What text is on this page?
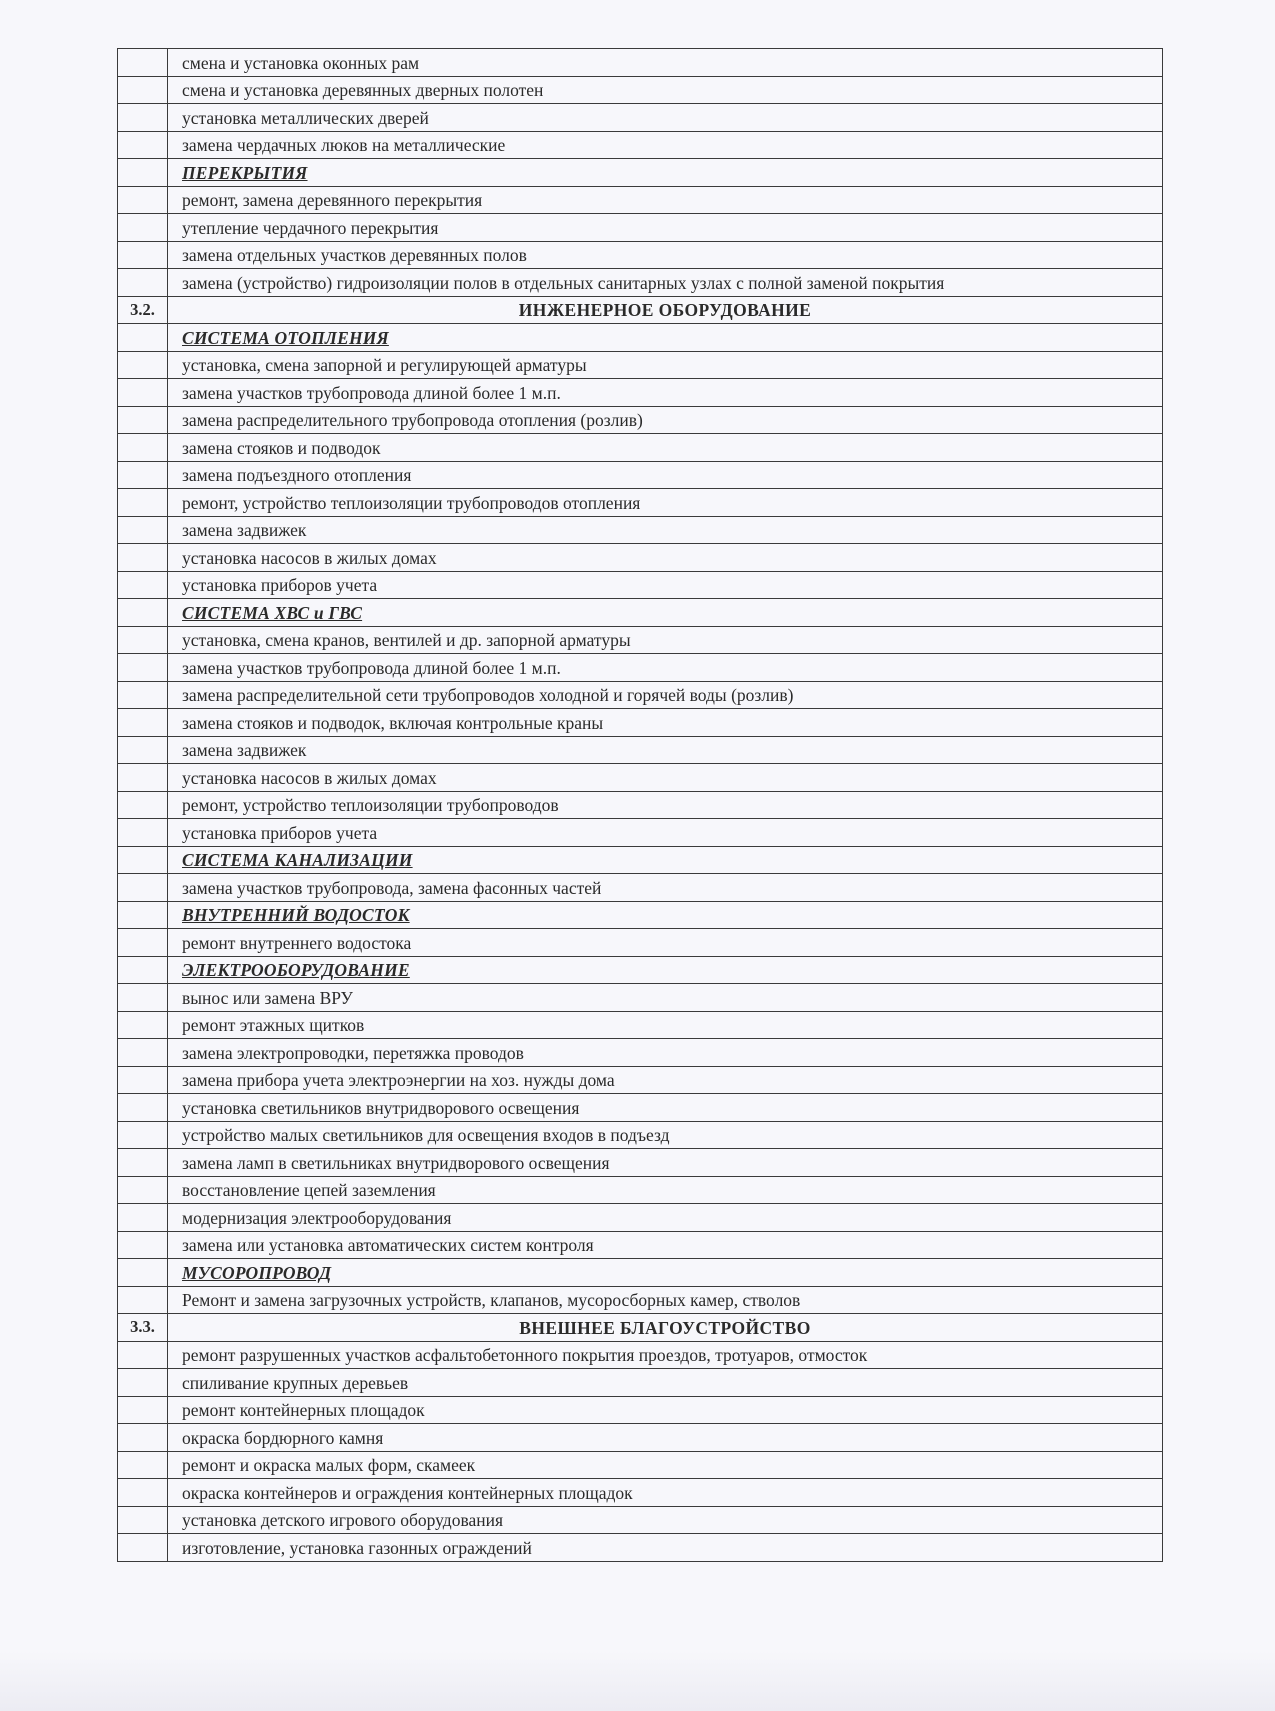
	смена и установка оконных рам
	смена и установка деревянных дверных полотен
	установка металлических дверей
	замена чердачных люков на металлические
	ПЕРЕКРЫТИЯ
	ремонт, замена деревянного перекрытия
	утепление чердачного перекрытия
	замена отдельных участков деревянных полов
	замена (устройство) гидроизоляции полов в отдельных санитарных узлах с полной заменой покрытия
3.2.	ИНЖЕНЕРНОЕ ОБОРУДОВАНИЕ
	СИСТЕМА ОТОПЛЕНИЯ
	установка, смена запорной и регулирующей арматуры
	замена участков трубопровода длиной более 1 м.п.
	замена распределительного трубопровода отопления (розлив)
	замена стояков и подводок
	замена подъездного отопления
	ремонт, устройство теплоизоляции трубопроводов отопления
	замена задвижек
	установка насосов в жилых домах
	установка приборов учета
	СИСТЕМА ХВС и ГВС
	установка, смена кранов, вентилей и др. запорной арматуры
	замена участков трубопровода длиной более 1 м.п.
	замена распределительной сети трубопроводов холодной и горячей воды (розлив)
	замена стояков и подводок, включая контрольные краны
	замена задвижек
	установка насосов в жилых домах
	ремонт, устройство теплоизоляции трубопроводов
	установка приборов учета
	СИСТЕМА КАНАЛИЗАЦИИ
	замена участков трубопровода, замена фасонных частей
	ВНУТРЕННИЙ ВОДОСТОК
	ремонт внутреннего водостока
	ЭЛЕКТРООБОРУДОВАНИЕ
	вынос или замена ВРУ
	ремонт этажных щитков
	замена электропроводки, перетяжка проводов
	замена прибора учета электроэнергии на хоз. нужды дома
	установка светильников внутридворового освещения
	устройство малых светильников для освещения входов в подъезд
	замена ламп в светильниках внутридворового освещения
	восстановление цепей заземления
	модернизация электрооборудования
	замена или установка автоматических систем контроля
	МУСОРОПРОВОД
	Ремонт и замена загрузочных устройств, клапанов, мусоросборных камер, стволов
3.3.	ВНЕШНЕЕ БЛАГОУСТРОЙСТВО
	ремонт разрушенных участков асфальтобетонного покрытия проездов, тротуаров, отмосток
	спиливание крупных деревьев
	ремонт контейнерных площадок
	окраска бордюрного камня
	ремонт и окраска малых форм, скамеек
	окраска контейнеров и ограждения контейнерных площадок
	установка детского игрового оборудования
	изготовление, установка газонных ограждений
